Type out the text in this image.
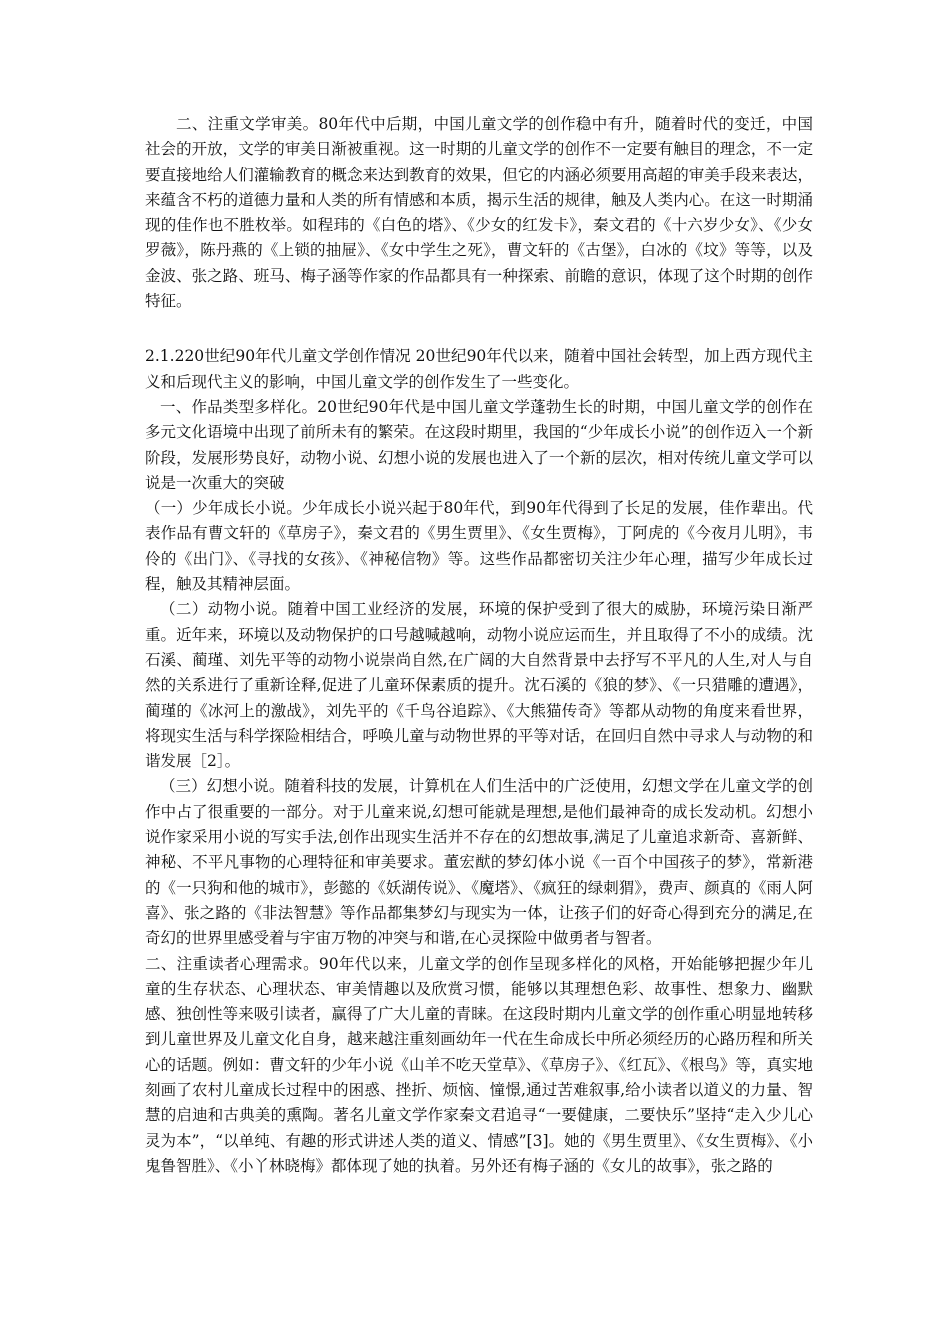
二、注重文学审美。80年代中后期，中国儿童文学的创作稳中有升，随着时代的变迁，中国社会的开放，文学的审美日渐被重视。这一时期的儿童文学的创作不一定要有触目的理念，不一定要直接地给人们灌输教育的概念来达到教育的效果，但它的内涵必须要用高超的审美手段来表达，来蕴含不朽的道德力量和人类的所有情感和本质，揭示生活的规律，触及人类内心。在这一时期涌现的佳作也不胜枚举。如程玮的《白色的塔》、《少女的红发卡》，秦文君的《十六岁少女》、《少女罗薇》，陈丹燕的《上锁的抽屉》、《女中学生之死》，曹文轩的《古堡》，白冰的《坟》等等，以及金波、张之路、班马、梅子涵等作家的作品都具有一种探索、前瞻的意识，体现了这个时期的创作特征。

2.1.220世纪90年代儿童文学创作情况 20世纪90年代以来，随着中国社会转型，加上西方现代主义和后现代主义的影响，中国儿童文学的创作发生了一些变化。

一、作品类型多样化。20世纪90年代是中国儿童文学蓬勃生长的时期，中国儿童文学的创作在多元文化语境中出现了前所未有的繁荣。在这段时期里，我国的“少年成长小说”的创作迈入一个新阶段，发展形势良好，动物小说、幻想小说的发展也进入了一个新的层次，相对传统儿童文学可以说是一次重大的突破

（一）少年成长小说。少年成长小说兴起于80年代，到90年代得到了长足的发展，佳作辈出。代表作品有曹文轩的《草房子》，秦文君的《男生贾里》、《女生贾梅》，丁阿虎的《今夜月儿明》，韦伶的《出门》、《寻找的女孩》、《神秘信物》等。这些作品都密切关注少年心理，描写少年成长过程，触及其精神层面。

（二）动物小说。随着中国工业经济的发展，环境的保护受到了很大的威胁，环境污染日渐严重。近年来，环境以及动物保护的口号越喊越响，动物小说应运而生，并且取得了不小的成绩。沈石溪、蔺瑾、刘先平等的动物小说崇尚自然,在广阔的大自然背景中去抒写不平凡的人生,对人与自然的关系进行了重新诠释,促进了儿童环保素质的提升。沈石溪的《狼的梦》、《一只猎雕的遭遇》，蔺瑾的《冰河上的激战》，刘先平的《千鸟谷追踪》、《大熊猫传奇》等都从动物的角度来看世界，将现实生活与科学探险相结合，呼唤儿童与动物世界的平等对话，在回归自然中寻求人与动物的和谐发展［2］。

（三）幻想小说。随着科技的发展，计算机在人们生活中的广泛使用，幻想文学在儿童文学的创作中占了很重要的一部分。对于儿童来说,幻想可能就是理想,是他们最神奇的成长发动机。幻想小说作家采用小说的写实手法,创作出现实生活并不存在的幻想故事,满足了儿童追求新奇、喜新鲜、神秘、不平凡事物的心理特征和审美要求。董宏猷的梦幻体小说《一百个中国孩子的梦》，常新港的《一只狗和他的城市》，彭懿的《妖湖传说》、《魔塔》、《疯狂的绿刺猬》，费声、颜真的《雨人阿喜》、张之路的《非法智慧》等作品都集梦幻与现实为一体，让孩子们的好奇心得到充分的满足,在奇幻的世界里感受着与宇宙万物的冲突与和谐,在心灵探险中做勇者与智者。

二、注重读者心理需求。90年代以来，儿童文学的创作呈现多样化的风格，开始能够把握少年儿童的生存状态、心理状态、审美情趣以及欣赏习惯，能够以其理想色彩、故事性、想象力、幽默感、独创性等来吸引读者，赢得了广大儿童的青睐。在这段时期内儿童文学的创作重心明显地转移到儿童世界及儿童文化自身，越来越注重刻画幼年一代在生命成长中所必须经历的心路历程和所关心的话题。例如：曹文轩的少年小说《山羊不吃天堂草》、《草房子》、《红瓦》、《根鸟》等，真实地刻画了农村儿童成长过程中的困惑、挫折、烦恼、憧憬,通过苦难叙事,给小读者以道义的力量、智慧的启迪和古典美的熏陶。著名儿童文学作家秦文君追寻“一要健康，二要快乐”坚持“走入少儿心灵为本”，“以单纯、有趣的形式讲述人类的道义、情感”[3]。她的《男生贾里》、《女生贾梅》、《小鬼鲁智胜》、《小丫林晓梅》都体现了她的执着。另外还有梅子涵的《女儿的故事》，张之路的
